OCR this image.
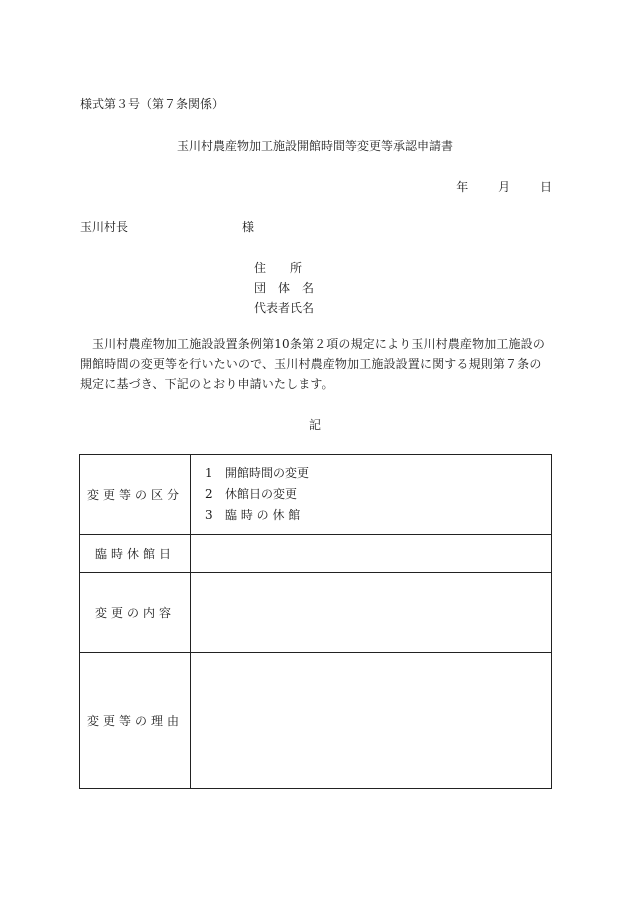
様式第３号（第７条関係）
玉川村農産物加工施設開館時間等変更等承認申請書
年 月 日
玉川村長	様
住　　所
団　体　名
代表者氏名
玉川村農産物加工施設設置条例第10条第２項の規定により玉川村農産物加工施設の開館時間の変更等を行いたいので、玉川村農産物加工施設設置に関する規則第７条の規定に基づき、下記のとおり申請いたします。
記
変更等の区分	1 開館時間の変更
2 休館日の変更
3 臨 時 の 休 館

臨時休館日	
変更の内容	
変更等の理由	
